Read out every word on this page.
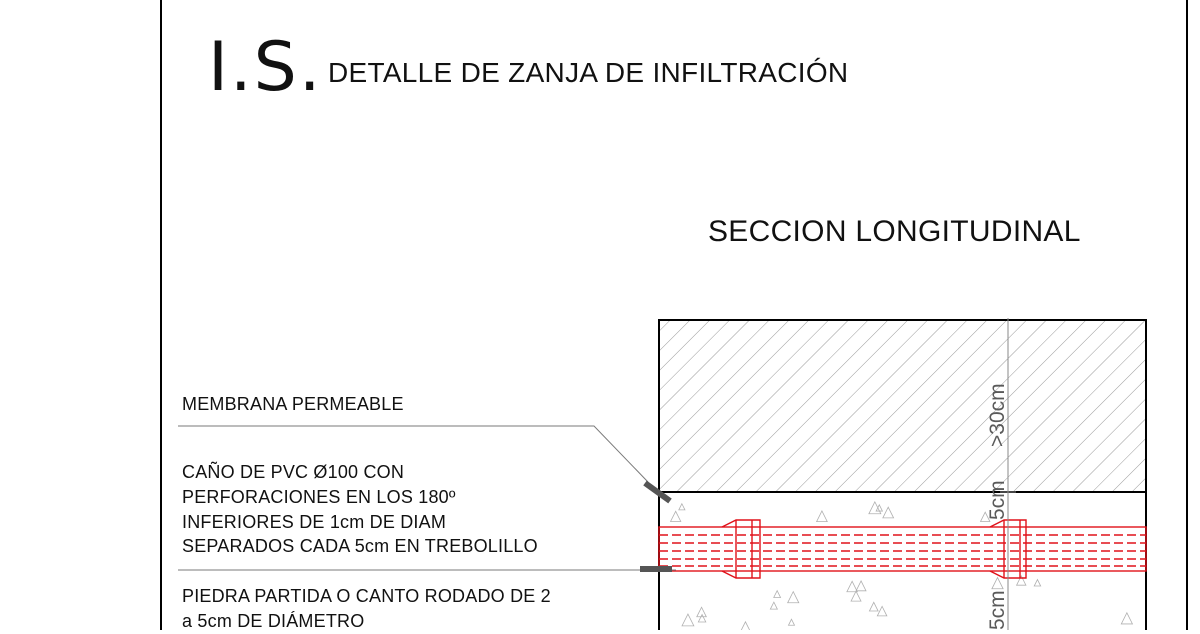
I.S. DETALLE DE ZANJA DE INFILTRACIÓN
SECCION LONGITUDINAL
MEMBRANA PERMEABLE
CAÑO DE PVC Ø100 CON
PERFORACIONES EN LOS 180º
INFERIORES DE 1cm DE DIAM
SEPARADOS CADA 5cm EN TREBOLILLO
PIEDRA PARTIDA O CANTO RODADO DE 2
a 5cm DE DIÁMETRO
>30cm
5cm
5cm
